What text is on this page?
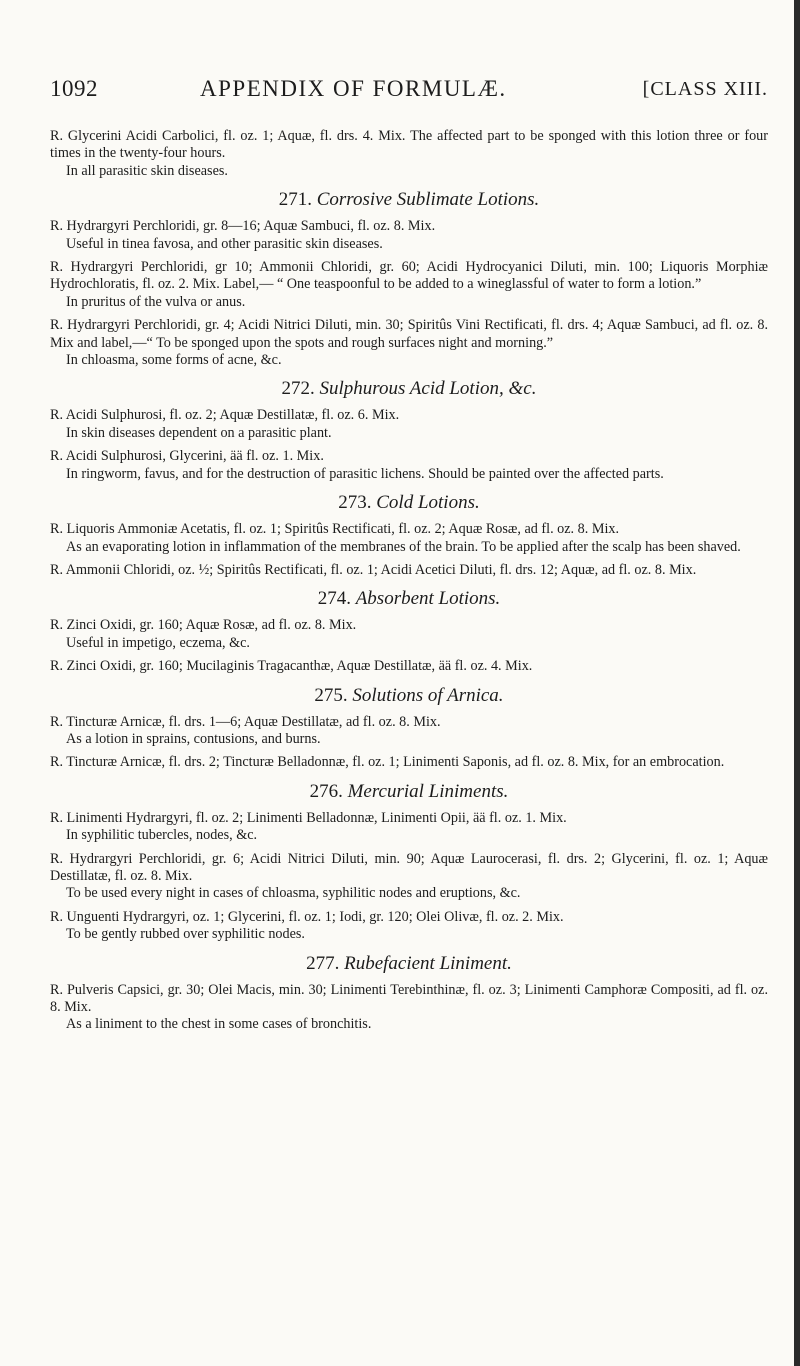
1092	APPENDIX OF FORMULÆ.	[CLASS XIII.

R. Glycerini Acidi Carbolici, fl. oz. 1; Aquæ, fl. drs. 4. Mix. The affected part to be sponged with this lotion three or four times in the twenty-four hours.

In all parasitic skin diseases.

271. Corrosive Sublimate Lotions.

R. Hydrargyri Perchloridi, gr. 8—16; Aquæ Sambuci, fl. oz. 8. Mix.

Useful in tinea favosa, and other parasitic skin diseases.

R. Hydrargyri Perchloridi, gr 10; Ammonii Chloridi, gr. 60; Acidi Hydrocyanici Diluti, min. 100; Liquoris Morphiæ Hydrochloratis, fl. oz. 2. Mix. Label,— “ One teaspoonful to be added to a wineglassful of water to form a lotion.”

In pruritus of the vulva or anus.

R. Hydrargyri Perchloridi, gr. 4; Acidi Nitrici Diluti, min. 30; Spiritûs Vini Rectificati, fl. drs. 4; Aquæ Sambuci, ad fl. oz. 8. Mix and label,—“ To be sponged upon the spots and rough surfaces night and morning.”

In chloasma, some forms of acne, &c.

272. Sulphurous Acid Lotion, &c.

R. Acidi Sulphurosi, fl. oz. 2; Aquæ Destillatæ, fl. oz. 6. Mix.

In skin diseases dependent on a parasitic plant.

R. Acidi Sulphurosi, Glycerini, ää fl. oz. 1. Mix.

In ringworm, favus, and for the destruction of parasitic lichens. Should be painted over the affected parts.

273. Cold Lotions.

R. Liquoris Ammoniæ Acetatis, fl. oz. 1; Spiritûs Rectificati, fl. oz. 2; Aquæ Rosæ, ad fl. oz. 8. Mix.

As an evaporating lotion in inflammation of the membranes of the brain. To be applied after the scalp has been shaved.

R. Ammonii Chloridi, oz. ½; Spiritûs Rectificati, fl. oz. 1; Acidi Acetici Diluti, fl. drs. 12; Aquæ, ad fl. oz. 8. Mix.

274. Absorbent Lotions.

R. Zinci Oxidi, gr. 160; Aquæ Rosæ, ad fl. oz. 8. Mix.

Useful in impetigo, eczema, &c.

R. Zinci Oxidi, gr. 160; Mucilaginis Tragacanthæ, Aquæ Destillatæ, ää fl. oz. 4. Mix.

275. Solutions of Arnica.

R. Tincturæ Arnicæ, fl. drs. 1—6; Aquæ Destillatæ, ad fl. oz. 8. Mix.

As a lotion in sprains, contusions, and burns.

R. Tincturæ Arnicæ, fl. drs. 2; Tincturæ Belladonnæ, fl. oz. 1; Linimenti Saponis, ad fl. oz. 8. Mix, for an embrocation.

276. Mercurial Liniments.

R. Linimenti Hydrargyri, fl. oz. 2; Linimenti Belladonnæ, Linimenti Opii, ää fl. oz. 1. Mix.

In syphilitic tubercles, nodes, &c.

R. Hydrargyri Perchloridi, gr. 6; Acidi Nitrici Diluti, min. 90; Aquæ Laurocerasi, fl. drs. 2; Glycerini, fl. oz. 1; Aquæ Destillatæ, fl. oz. 8. Mix.

To be used every night in cases of chloasma, syphilitic nodes and eruptions, &c.

R. Unguenti Hydrargyri, oz. 1; Glycerini, fl. oz. 1; Iodi, gr. 120; Olei Olivæ, fl. oz. 2. Mix.

To be gently rubbed over syphilitic nodes.

277. Rubefacient Liniment.

R. Pulveris Capsici, gr. 30; Olei Macis, min. 30; Linimenti Terebinthinæ, fl. oz. 3; Linimenti Camphoræ Compositi, ad fl. oz. 8. Mix.

As a liniment to the chest in some cases of bronchitis.
